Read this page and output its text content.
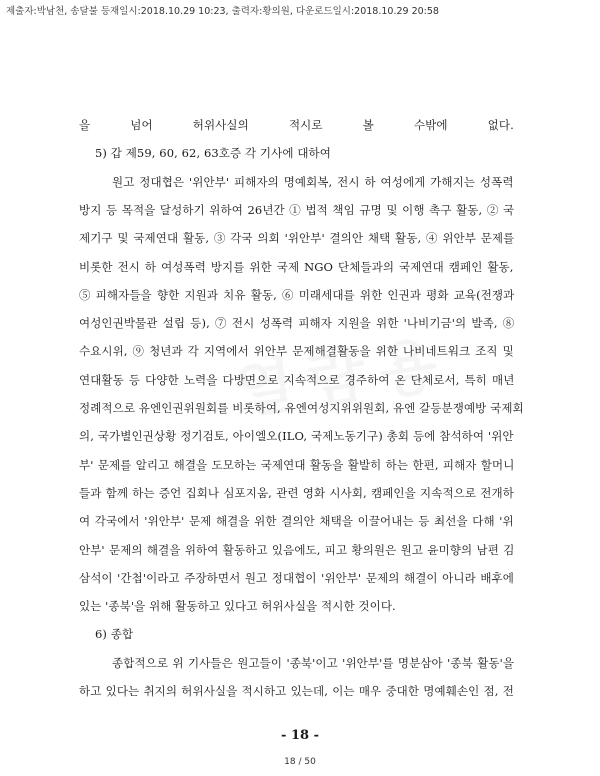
제출자:박남천, 송달불 등재일시:2018.10.29 10:23, 출력자:황의원, 다운로드일시:2018.10.29 20:58
을 넘어 허위사실의 적시로 볼 수밖에 없다.
5) 갑 제59, 60, 62, 63호증 각 기사에 대하여
원고 정대협은 '위안부' 피해자의 명예회복, 전시 하 여성에게 가해지는 성폭력
방지 등 목적을 달성하기 위하여 26년간 ① 법적 책임 규명 및 이행 촉구 활동, ② 국
제기구 및 국제연대 활동, ③ 각국 의회 '위안부' 결의안 채택 활동, ④ 위안부 문제를
비롯한 전시 하 여성폭력 방지를 위한 국제 NGO 단체들과의 국제연대 캠페인 활동,
⑤ 피해자들을 향한 지원과 치유 활동, ⑥ 미래세대를 위한 인권과 평화 교육(전쟁과
여성인권박물관 설립 등), ⑦ 전시 성폭력 피해자 지원을 위한 '나비기금'의 발족, ⑧
수요시위, ⑨ 청년과 각 지역에서 위안부 문제해결활동을 위한 나비네트워크 조직 및
연대활동 등 다양한 노력을 다방면으로 지속적으로 경주하여 온 단체로서, 특히 매년
정례적으로 유엔인권위원회를 비롯하여, 유엔여성지위위원회, 유엔 갈등분쟁예방 국제회
의, 국가별인권상황 정기검토, 아이엘오(ILO, 국제노동기구) 총회 등에 참석하여 '위안
부' 문제를 알리고 해결을 도모하는 국제연대 활동을 활발히 하는 한편, 피해자 할머니
들과 함께 하는 증언 집회나 심포지움, 관련 영화 시사회, 캠페인을 지속적으로 전개하
여 각국에서 '위안부' 문제 해결을 위한 결의안 채택을 이끌어내는 등 최선을 다해 '위
안부' 문제의 해결을 위하여 활동하고 있음에도, 피고 황의원은 원고 윤미향의 남편 김
삼석이 '간첩'이라고 주장하면서 원고 정대협이 '위안부' 문제의 해결이 아니라 배후에
있는 '종북'을 위해 활동하고 있다고 허위사실을 적시한 것이다.
6) 종합
종합적으로 위 기사들은 원고들이 '종북'이고 '위안부'를 명분삼아 '종북 활동'을
하고 있다는 취지의 허위사실을 적시하고 있는데, 이는 매우 중대한 명예훼손인 점, 전
- 18 -
18 / 50
